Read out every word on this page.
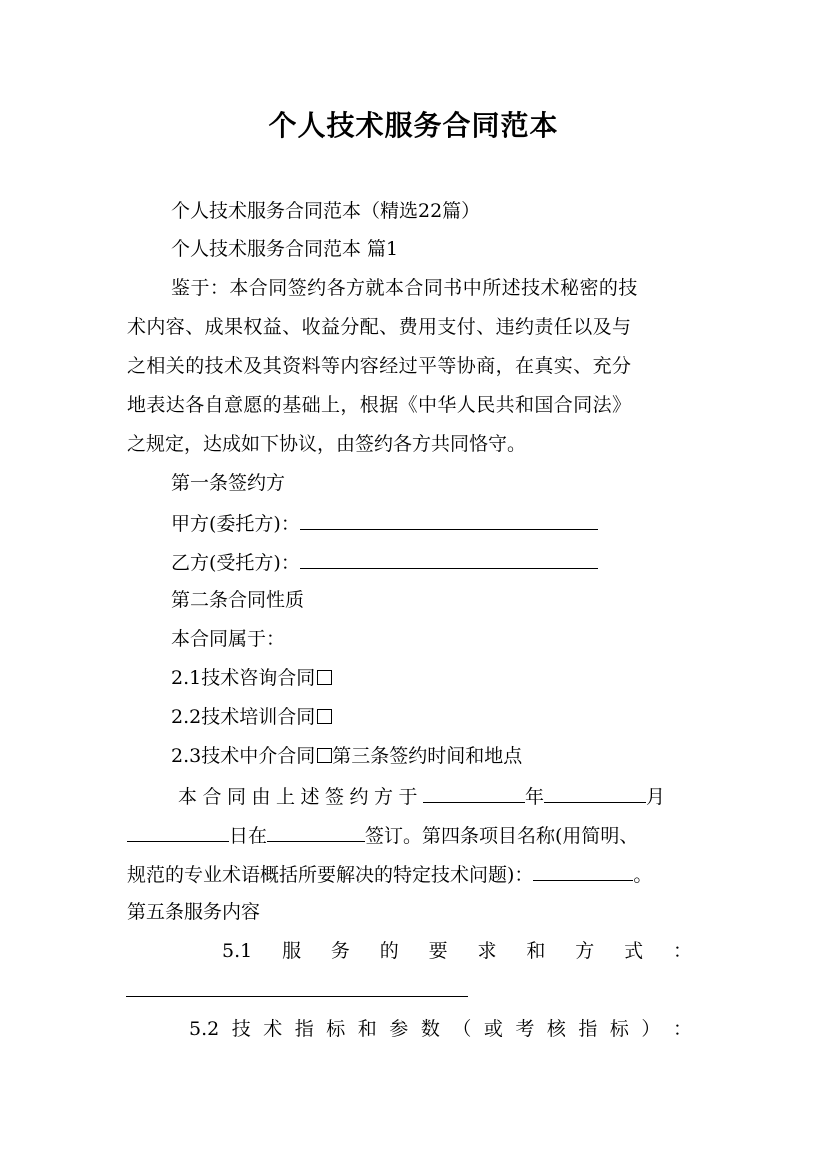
个人技术服务合同范本
个人技术服务合同范本（精选22篇）
个人技术服务合同范本 篇1
鉴于：本合同签约各方就本合同书中所述技术秘密的技
术内容、成果权益、收益分配、费用支付、违约责任以及与
之相关的技术及其资料等内容经过平等协商，在真实、充分
地表达各自意愿的基础上，根据《中华人民共和国合同法》
之规定，达成如下协议，由签约各方共同恪守。
第一条签约方
甲方(委托方)：
乙方(受托方)：
第二条合同性质
本合同属于：
2.1技术咨询合同
2.2技术培训合同
2.3技术中介合同 第三条签约时间和地点
本合同由上述签约方于	年	月
日在	签订。第四条项目名称(用简明、
规范的专业术语概括所要解决的特定技术问题)：	。
第五条服务内容
5.1 服 务 的 要 求 和 方 式 ：
5.2 技 术 指 标 和 参 数 （ 或 考 核 指 标 ） ：
